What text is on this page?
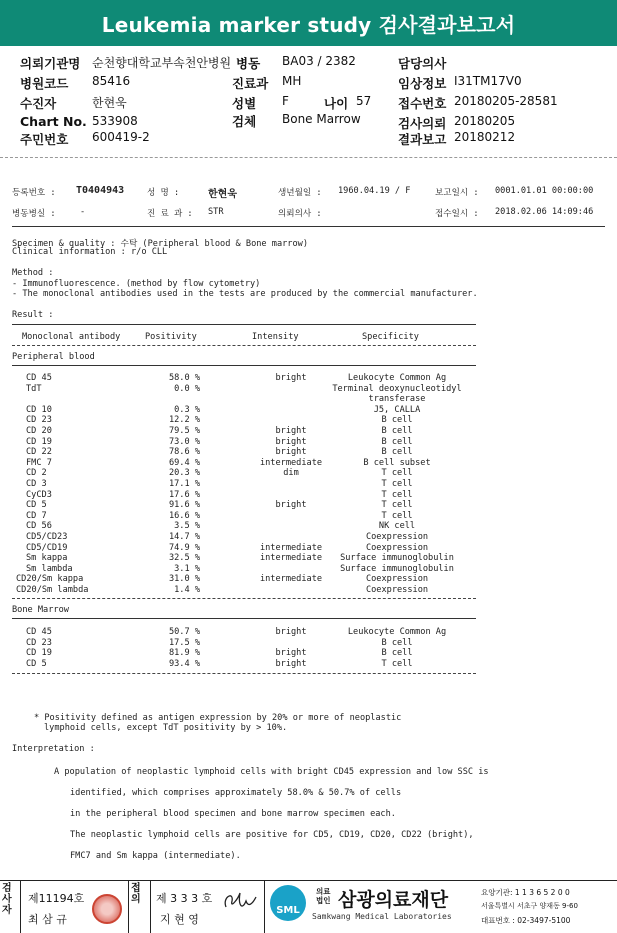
Leukemia marker study 검사결과보고서
의뢰기관명 순천향대학교부속천안병원 병동 BA03 / 2382	담당의사
병원코드 85416	진료과 MH	임상정보 I31TM17V0
수진자	한현욱	성별 F	나이 57 접수번호 20180205-28581
Chart No. 533908	검체 Bone Marrow	검사의뢰 20180205
주민번호 600419-2	결과보고 20180212
등록번호 : T0404943	성 명 :	한현욱	생년월일 : 1960.04.19 / F	보고일시 : 0001.01.01 00:00:00
병동병실 :	-	진 료 과 : STR	의뢰의사 :	접수일시 : 2018.02.06 14:09:46
Specimen & quality : 수탁 (Peripheral blood & Bone marrow)
Clinical information : r/o CLL
Method :
- Immunofluorescence. (method by flow cytometry)
- The monoclonal antibodies used in the tests are produced by the commercial manufacturer.
Result :
Monoclonal antibody	Positivity	Intensity	Specificity
Peripheral blood
CD 45	58.0 %	bright	Leukocyte Common Ag
TdT	0.0 %	Terminal deoxynucleotidyl
transferase
CD 10	0.3 %	J5, CALLA
CD 23	12.2 %	B cell
CD 20	79.5 %	bright	B cell
CD 19	73.0 %	bright	B cell
CD 22	78.6 %	bright	B cell
FMC 7	69.4 %	intermediate	B cell subset
CD 2	20.3 %	dim	T cell
CD 3	17.1 %	T cell
CyCD3	17.6 %	T cell
CD 5	91.6 %	bright	T cell
CD 7	16.6 %	T cell
CD 56	3.5 %	NK cell
CD5/CD23	14.7 %	Coexpression
CD5/CD19	74.9 %	intermediate	Coexpression
Sm kappa	32.5 %	intermediate	Surface immunoglobulin
Sm lambda	3.1 %	Surface immunoglobulin
CD20/Sm kappa	31.0 %	intermediate	Coexpression
CD20/Sm lambda	1.4 %	Coexpression
Bone Marrow
CD 45	50.7 %	bright	Leukocyte Common Ag
CD 23	17.5 %	B cell
CD 19	81.9 %	bright	B cell
CD 5	93.4 %	bright	T cell
* Positivity defined as antigen expression by 20% or more of neoplastic
lymphoid cells, except TdT positivity by > 10%.
Interpretation :
A population of neoplastic lymphoid cells with bright CD45 expression and low SSC is
identified, which comprises approximately 58.0% & 50.7% of cells
in the peripheral blood specimen and bone marrow specimen each.
The neoplastic lymphoid cells are positive for CD5, CD19, CD20, CD22 (bright),
FMC7 and Sm kappa (intermediate).
검사자
제11194호
최 삼 규
접의	제 3 3 3 호
지 현 영
SML
의료 법인 삼광의료재단
Samkwang Medical Laboratories
요양기관: 1 1 3 6 5 2 0 0
서울특별시 서초구 양재동 9-60
대표번호 : 02-3497-5100
